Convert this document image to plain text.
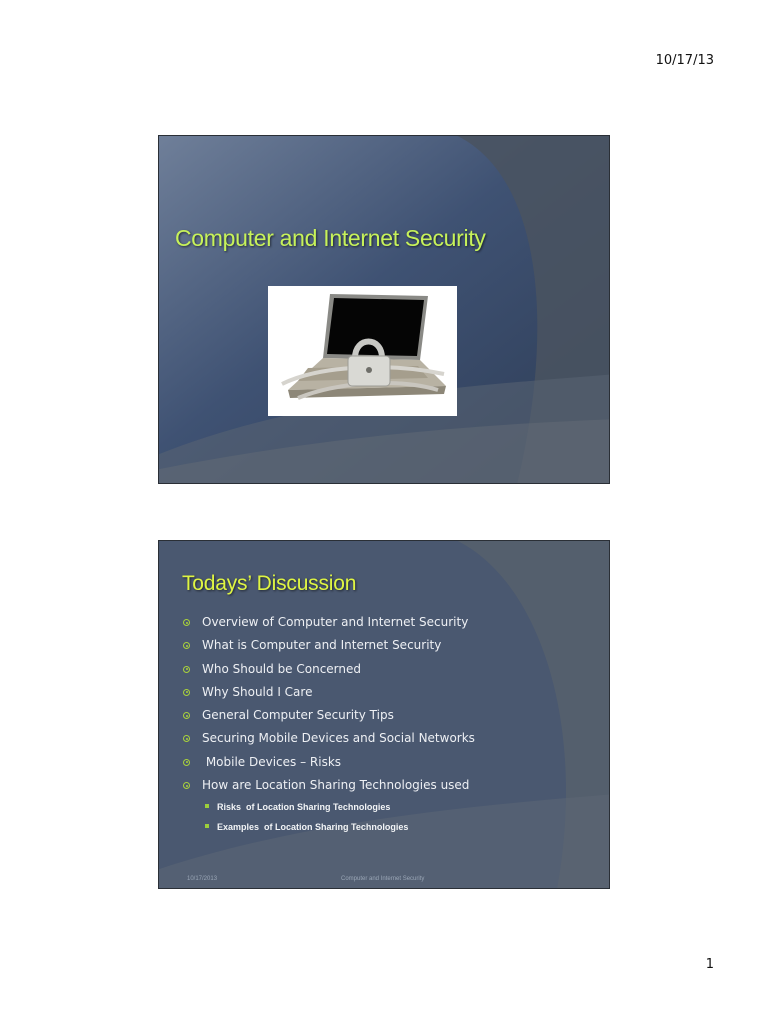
10/17/13
Computer and Internet Security
Todays’ Discussion
Overview of Computer and Internet Security
What is Computer and Internet Security
Who Should be Concerned
Why Should I Care
General Computer Security Tips
Securing Mobile Devices and Social Networks
Mobile Devices – Risks
How are Location Sharing Technologies used
Risks  of Location Sharing Technologies
Examples  of Location Sharing Technologies
10/17/2013	Computer and Internet Security
1
